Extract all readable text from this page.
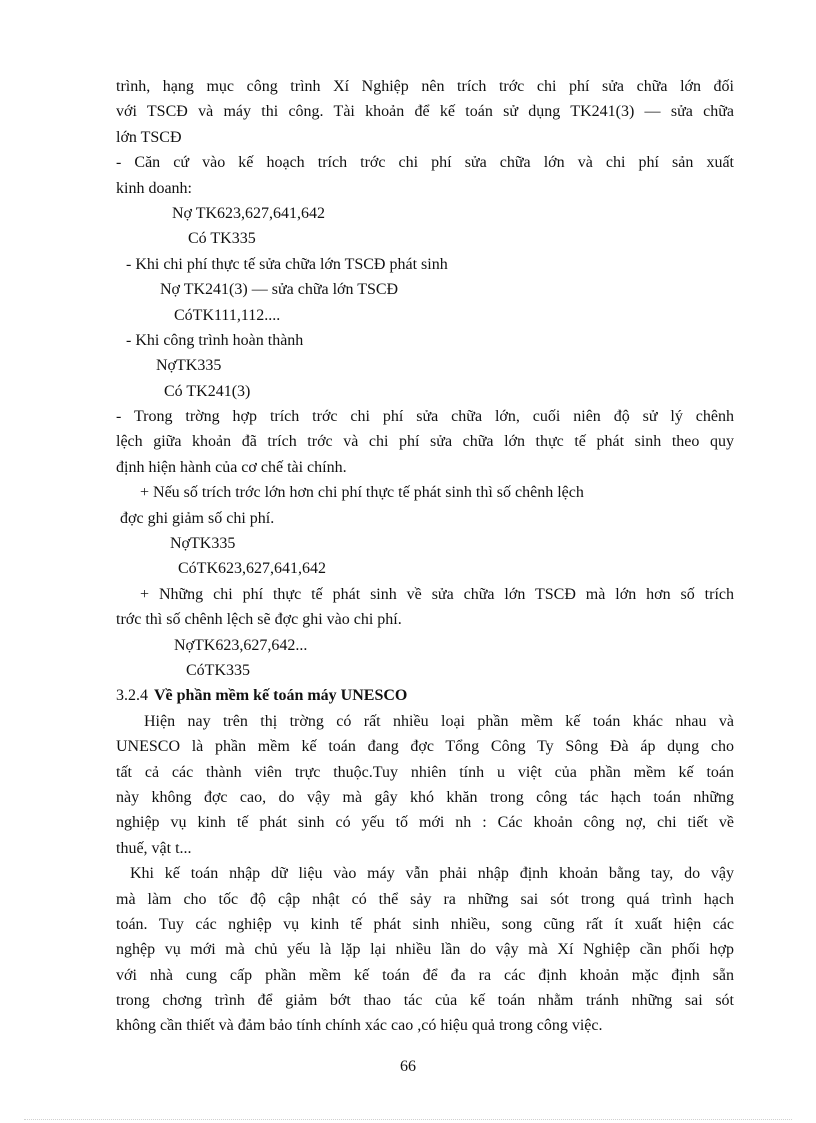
trình, hạng mục công trình Xí Nghiệp nên trích trớc chi phí sửa chữa lớn đối
với TSCĐ và máy thi công. Tài khoản để kế toán sử dụng TK241(3) — sửa chữa
lớn TSCĐ
- Căn cứ vào kế hoạch trích trớc chi phí sửa chữa lớn và chi phí sản xuất
kinh doanh:
Nợ TK623,627,641,642
Có TK335
- Khi chi phí thực tế sửa chữa lớn TSCĐ phát sinh
Nợ TK241(3) — sửa chữa lớn TSCĐ
CóTK111,112....
- Khi công trình hoàn thành
NợTK335
Có TK241(3)
- Trong trờng hợp trích trớc chi phí sửa chữa lớn, cuối niên độ sử lý chênh
lệch giữa khoản đã trích trớc và chi phí sửa chữa lớn thực tế phát sinh theo quy
định hiện hành của cơ chế tài chính.
+ Nếu số trích trớc lớn hơn chi phí thực tế phát sinh thì số chênh lệch
đợc ghi giảm số chi phí.
NợTK335
CóTK623,627,641,642
+ Những chi phí thực tế phát sinh về sửa chữa lớn TSCĐ mà lớn hơn số trích
trớc thì số chênh lệch sẽ đợc ghi vào chi phí.
NợTK623,627,642...
CóTK335
3.2.4 Về phần mềm kế toán máy UNESCO
Hiện nay trên thị trờng có rất nhiều loại phần mềm kế toán khác nhau và
UNESCO là phần mềm kế toán đang đợc Tổng Công Ty Sông Đà áp dụng cho
tất cả các thành viên trực thuộc.Tuy nhiên tính u việt của phần mềm kế toán
này không đợc cao, do vậy mà gây khó khăn trong công tác hạch toán những
nghiệp vụ kinh tế phát sinh có yếu tố mới nh : Các khoản công nợ, chi tiết về
thuế, vật t...
Khi kế toán nhập dữ liệu vào máy vẫn phải nhập định khoản bằng tay, do vậy
mà làm cho tốc độ cập nhật có thể sảy ra những sai sót trong quá trình hạch
toán. Tuy các nghiệp vụ kinh tế phát sinh nhiều, song cũng rất ít xuất hiện các
nghệp vụ mới mà chủ yếu là lặp lại nhiều lần do vậy mà Xí Nghiệp cần phối hợp
với nhà cung cấp phần mềm kế toán để đa ra các định khoản mặc định sẵn
trong chơng trình để giảm bớt thao tác của kế toán nhằm tránh những sai sót
không cần thiết và đảm bảo tính chính xác cao ,có hiệu quả trong công việc.
66
